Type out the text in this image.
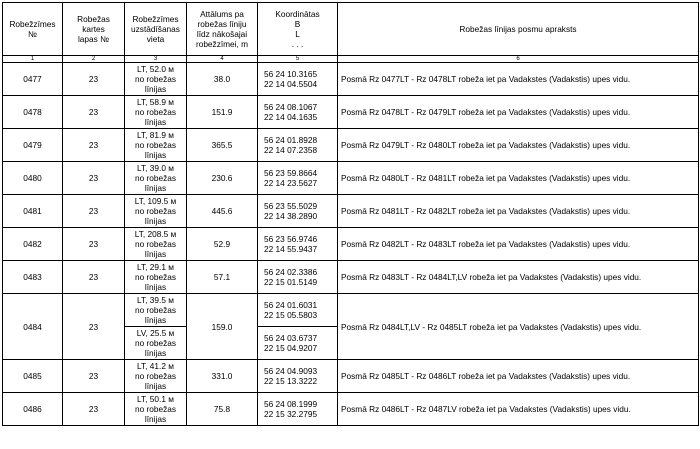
Robežzīmes
№	Robežas
kartes
lapas №	Robežzīmes
uzstādīšanas
vieta	Attālums pa
robežas līniju
līdz nākošajai
robežzīmei, m	Koordinātas
B
L
. . .	Robežas līnijas posmu apraksts
1	2	3	4	5	6
0477	23	LT, 52.0 м
no robežas
līnijas	38.0	56 24 10.3165
22 14 04.5504	Posmā Rz 0477LT - Rz 0478LT robeža iet pa Vadakstes (Vadakstis) upes vidu.
0478	23	LT, 58.9 м
no robežas
līnijas	151.9	56 24 08.1067
22 14 04.1635	Posmā Rz 0478LT - Rz 0479LT robeža iet pa Vadakstes (Vadakstis) upes vidu.
0479	23	LT, 81.9 м
no robežas
līnijas	365.5	56 24 01.8928
22 14 07.2358	Posmā Rz 0479LT - Rz 0480LT robeža iet pa Vadakstes (Vadakstis) upes vidu.
0480	23	LT, 39.0 м
no robežas
līnijas	230.6	56 23 59.8664
22 14 23.5627	Posmā Rz 0480LT - Rz 0481LT robeža iet pa Vadakstes (Vadakstis) upes vidu.
0481	23	LT, 109.5 м
no robežas
līnijas	445.6	56 23 55.5029
22 14 38.2890	Posmā Rz 0481LT - Rz 0482LT robeža iet pa Vadakstes (Vadakstis) upes vidu.
0482	23	LT, 208.5 м
no robežas
līnijas	52.9	56 23 56.9746
22 14 55.9437	Posmā Rz 0482LT - Rz 0483LT robeža iet pa Vadakstes (Vadakstis) upes vidu.
0483	23	LT, 29.1 м
no robežas
līnijas	57.1	56 24 02.3386
22 15 01.5149	Posmā Rz 0483LT - Rz 0484LT,LV robeža iet pa Vadakstes (Vadakstis) upes vidu.
0484	23	LT, 39.5 м
no robežas
līnijas	159.0	56 24 01.6031
22 15 05.5803	Posmā Rz 0484LT,LV - Rz 0485LT robeža iet pa Vadakstes (Vadakstis) upes vidu.

		LV, 25.5 м
no robežas
līnijas		56 24 03.6737
22 15 04.9207	

0485	23	LT, 41.2 м
no robežas
līnijas	331.0	56 24 04.9093
22 15 13.3222	Posmā Rz 0485LT - Rz 0486LT robeža iet pa Vadakstes (Vadakstis) upes vidu.
0486	23	LT, 50.1 м
no robežas
līnijas	75.8	56 24 08.1999
22 15 32.2795	Posmā Rz 0486LT - Rz 0487LV robeža iet pa Vadakstes (Vadakstis) upes vidu.
